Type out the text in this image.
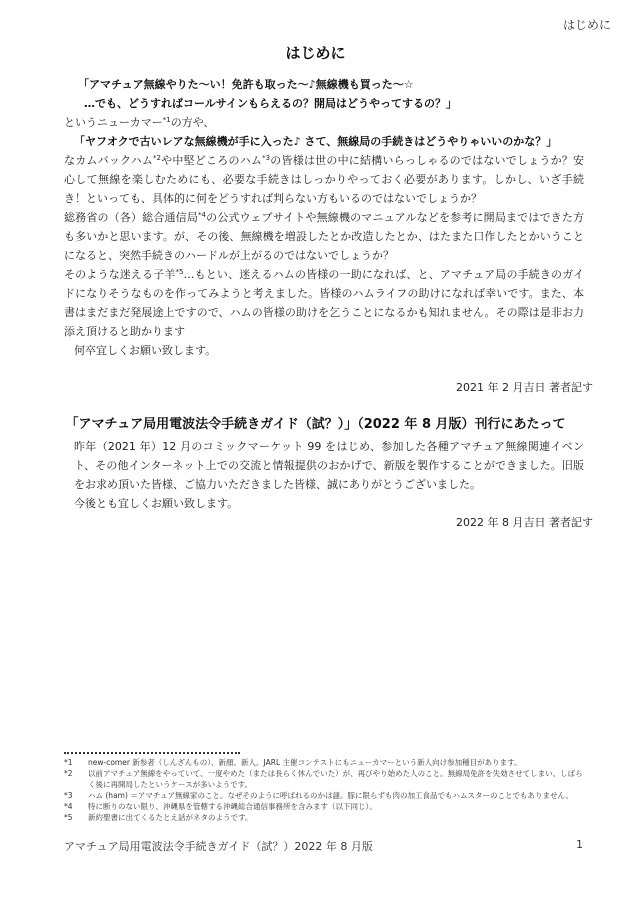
はじめに
はじめに

「アマチュア無線やりた〜い！免許も取った〜♪無線機も買った〜☆

…でも、どうすればコールサインもらえるの？開局はどうやってするの？」

というニューカマー$^{*1}$の方や、

「ヤフオクで古いレアな無線機が手に入った♪ さて、無線局の手続きはどうやりゃいいのかな？」

なカムバックハム$^{*2}$や中堅どころのハム$^{*3}$の皆様は世の中に結構いらっしゃるのではないでしょうか？安心して無線を楽しむためにも、必要な手続きはしっかりやっておく必要があります。しかし、いざ手続き！といっても、具体的に何をどうすれば判らない方もいるのではないでしょうか？

総務省の（各）総合通信局$^{*4}$の公式ウェブサイトや無線機のマニュアルなどを参考に開局まではできた方も多いかと思います。が、その後、無線機を増設したとか改造したとか、はたまた口作したとかいうことになると、突然手続きのハードルが上がるのではないでしょうか？

そのような迷える子羊$^{*5}$…もとい、迷えるハムの皆様の一助になれば、と、アマチュア局の手続きのガイドになりそうなものを作ってみようと考えました。皆様のハムライフの助けになれば幸いです。また、本書はまだまだ発展途上ですので、ハムの皆様の助けを乞うことになるかも知れません。その際は是非お力添え頂けると助かります

何卒宜しくお願い致します。

2021 年 2 月吉日 著者記す
「アマチュア局用電波法令手続きガイド（試？）」（2022 年 8 月版）刊行にあたって

昨年（2021 年）12 月のコミックマーケット 99 をはじめ、参加した各種アマチュア無線関連イベント、その他インターネット上での交流と情報提供のおかげで、新版を製作することができました。旧版をお求め頂いた皆様、ご協力いただきました皆様、誠にありがとうございました。

今後とも宜しくお願い致します。

2022 年 8 月吉日 著者記す
*1	new-comer 新参者（しんざんもの）、新顔、新人。JARL 主催コンテストにもニューカマーという新人向け参加種目があります。
*2	以前アマチュア無線をやっていて、一度やめた（または長らく休んでいた）が、再びやり始めた人のこと。無線局免許を失効させてしまい、しばらく後に再開局したというケースが多いようです。
*3	ハム (ham) ＝アマチュア無線家のこと。なぜそのように呼ばれるのかは謎。豚に限らずも肉の加工食品でもハムスターのことでもありません。
*4	特に断りのない限り、沖縄県を管轄する沖縄総合通信事務所を含みます（以下同じ）。
*5	新約聖書に出てくるたとえ話がネタのようです。
アマチュア局用電波法令手続きガイド（試？）2022 年 8 月版	1
